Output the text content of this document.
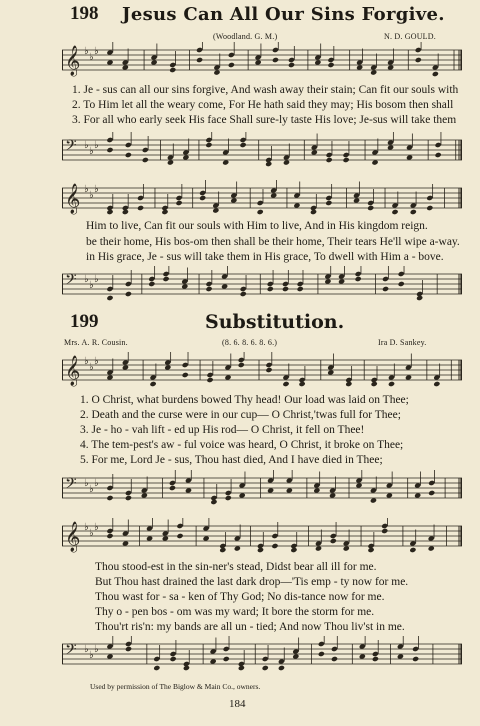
198 Jesus Can All Our Sins Forgive.
(Woodland. G. M.)	N. D. GOULD.
𝄞 ♭
♭
♭
1. Je - sus can all our sins forgive, And wash away their stain; Can fit our souls with
2. To Him let all the weary come, For He hath said they may; His bosom then shall
3. For all who early seek His face Shall sure-ly taste His love; Je-sus will take them
𝄢 ♭
♭
♭
𝄞 ♭
♭
♭
Him to live, Can fit our souls with Him to live, And in His kingdom reign.
be their home, His bos-om then shall be their home, Their tears He'll wipe a-way.
in His grace, Je - sus will take them in His grace, To dwell with Him a - bove.
𝄢 ♭
♭
♭
199	Substitution.
Mrs. A. R. Cousin.	(8. 6. 8. 6. 8. 6.)	Ira D. Sankey.
𝄞 ♭
♭
♭
1. O Christ, what burdens bowed Thy head! Our load was laid on Thee;
2. Death and the curse were in our cup— O Christ,'twas full for Thee;
3. Je - ho - vah lift - ed up His rod— O Christ, it fell on Thee!
4. The tem-pest's aw - ful voice was heard, O Christ, it broke on Thee;
5. For me, Lord Je - sus, Thou hast died, And I have died in Thee;
𝄢 ♭
♭
♭
𝄞 ♭
♭
♭
Thou stood-est in the sin-ner's stead, Didst bear all ill for me.
But Thou hast drained the last dark drop—'Tis emp - ty now for me.
Thou wast for - sa - ken of Thy God; No dis-tance now for me.
Thy o - pen bos - om was my ward; It bore the storm for me.
Thou'rt ris'n: my bands are all un - tied; And now Thou liv'st in me.
𝄢 ♭
♭
♭
Used by permission of The Biglow & Main Co., owners.
184
